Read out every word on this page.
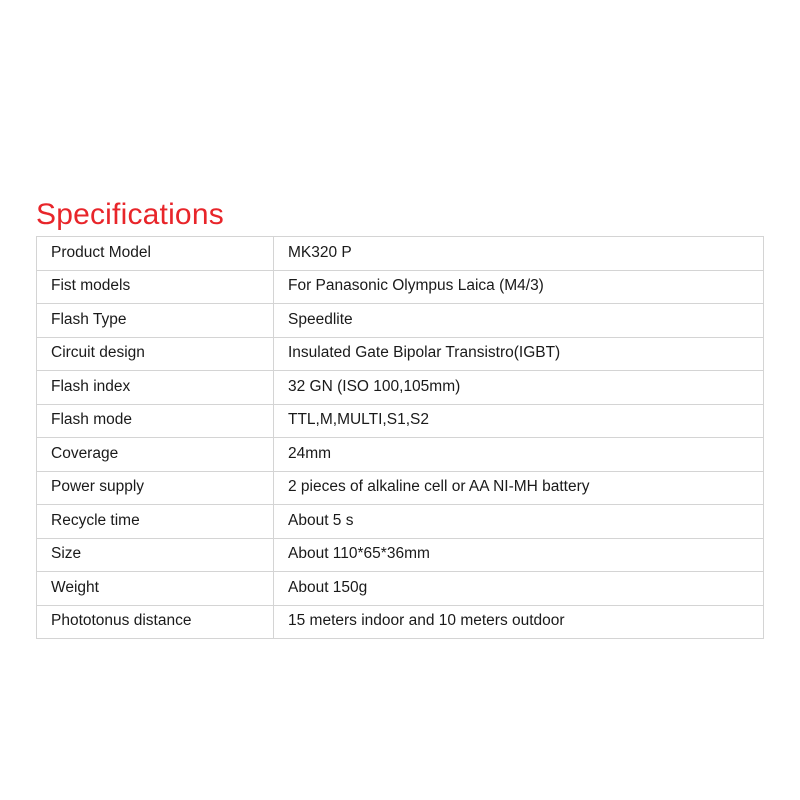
Specifications
Product Model	MK320 P
Fist models	For Panasonic Olympus Laica (M4/3)
Flash Type	Speedlite
Circuit design	Insulated Gate Bipolar Transistro(IGBT)
Flash index	32 GN (ISO 100,105mm)
Flash mode	TTL,M,MULTI,S1,S2
Coverage	24mm
Power supply	2 pieces of alkaline cell or AA NI-MH battery
Recycle time	About 5 s
Size	About 110*65*36mm
Weight	About 150g
Phototonus distance	15 meters indoor and 10 meters outdoor
